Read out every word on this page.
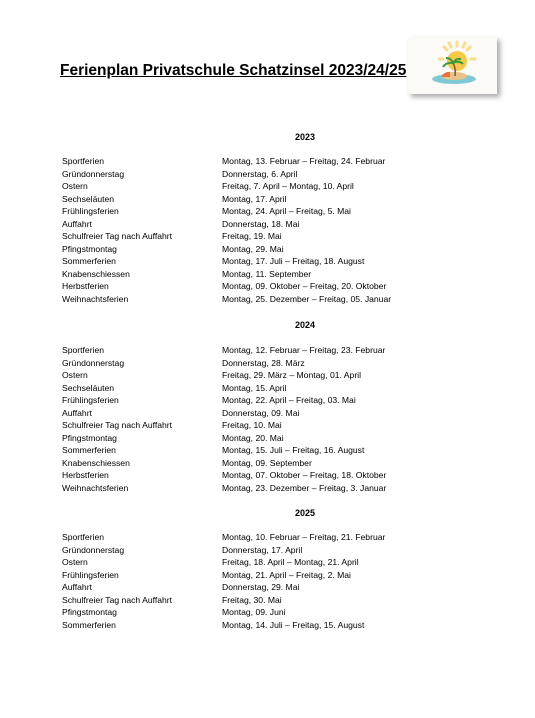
Ferienplan Privatschule Schatzinsel 2023/24/25
2023
Sportferien	Montag, 13. Februar – Freitag, 24. Februar
Gründonnerstag	Donnerstag, 6. April
Ostern	Freitag, 7. April – Montag, 10. April
Sechseläuten	Montag, 17. April
Frühlingsferien	Montag, 24. April – Freitag, 5. Mai
Auffahrt	Donnerstag, 18. Mai
Schulfreier Tag nach Auffahrt	Freitag, 19. Mai
Pfingstmontag	Montag, 29. Mai
Sommerferien	Montag, 17. Juli – Freitag, 18. August
Knabenschiessen	Montag, 11. September
Herbstferien	Montag, 09. Oktober – Freitag, 20. Oktober
Weihnachtsferien	Montag, 25. Dezember – Freitag, 05. Januar
2024
Sportferien	Montag, 12. Februar – Freitag, 23. Februar
Gründonnerstag	Donnerstag, 28. März
Ostern	Freitag, 29. März – Montag, 01. April
Sechseläuten	Montag, 15. April
Frühlingsferien	Montag, 22. April – Freitag, 03. Mai
Auffahrt	Donnerstag, 09. Mai
Schulfreier Tag nach Auffahrt	Freitag, 10. Mai
Pfingstmontag	Montag, 20. Mai
Sommerferien	Montag, 15. Juli – Freitag, 16. August
Knabenschiessen	Montag, 09. September
Herbstferien	Montag, 07. Oktober – Freitag, 18. Oktober
Weihnachtsferien	Montag, 23. Dezember – Freitag, 3. Januar
2025
Sportferien	Montag, 10. Februar – Freitag, 21. Februar
Gründonnerstag	Donnerstag, 17. April
Ostern	Freitag, 18. April – Montag, 21. April
Frühlingsferien	Montag, 21. April – Freitag, 2. Mai
Auffahrt	Donnerstag, 29. Mai
Schulfreier Tag nach Auffahrt	Freitag, 30. Mai
Pfingstmontag	Montag, 09. Juni
Sommerferien	Montag, 14. Juli – Freitag, 15. August
